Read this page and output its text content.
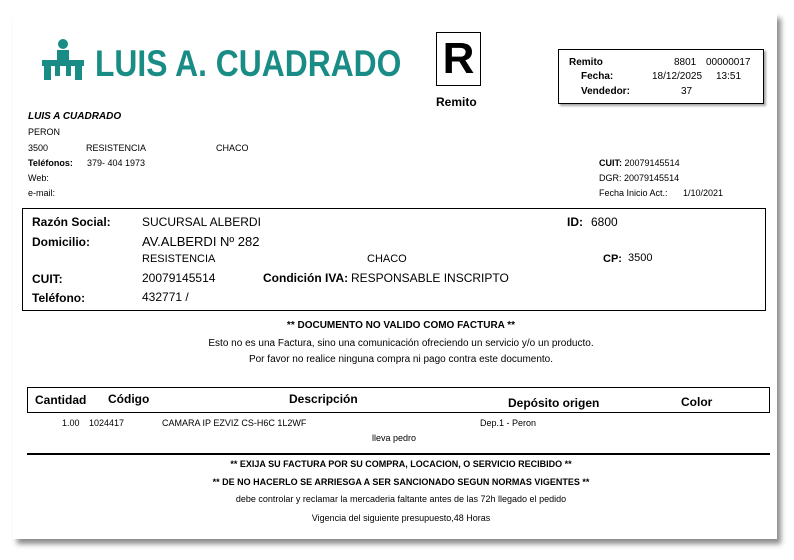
LUIS A. CUADRADO R
Remito
Remito	8801 00000017
Fecha:	18/12/2025 13:51
Vendedor:	37
LUIS A CUADRADO
PERON
3500	RESISTENCIA	CHACO
Teléfonos: 379- 404 1973
Web:
e-mail:
CUIT: 20079145514
DGR: 20079145514
Fecha Inicio Act.: 1/10/2021
Razón Social:	SUCURSAL ALBERDI	ID: 6800
Domicilio:	AV.ALBERDI Nº 282
RESISTENCIA	CHACO	CP: 3500
CUIT:	20079145514	Condición IVA: RESPONSABLE INSCRIPTO
Teléfono:	432771 /
** DOCUMENTO NO VALIDO COMO FACTURA **
Esto no es una Factura, sino una comunicación ofreciendo un servicio y/o un producto.
Por favor no realice ninguna compra ni pago contra este documento.
Cantidad Código	Descripción	Depósito origen	Color
1.00 1024417	CAMARA IP EZVIZ CS-H6C 1L2WF	Dep.1 - Peron
lleva pedro
** EXIJA SU FACTURA POR SU COMPRA, LOCACION, O SERVICIO RECIBIDO **
** DE NO HACERLO SE ARRIESGA A SER SANCIONADO SEGUN NORMAS VIGENTES **
debe controlar y reclamar la mercaderia faltante antes de las 72h llegado el pedido
Vigencia del siguiente presupuesto,48 Horas
